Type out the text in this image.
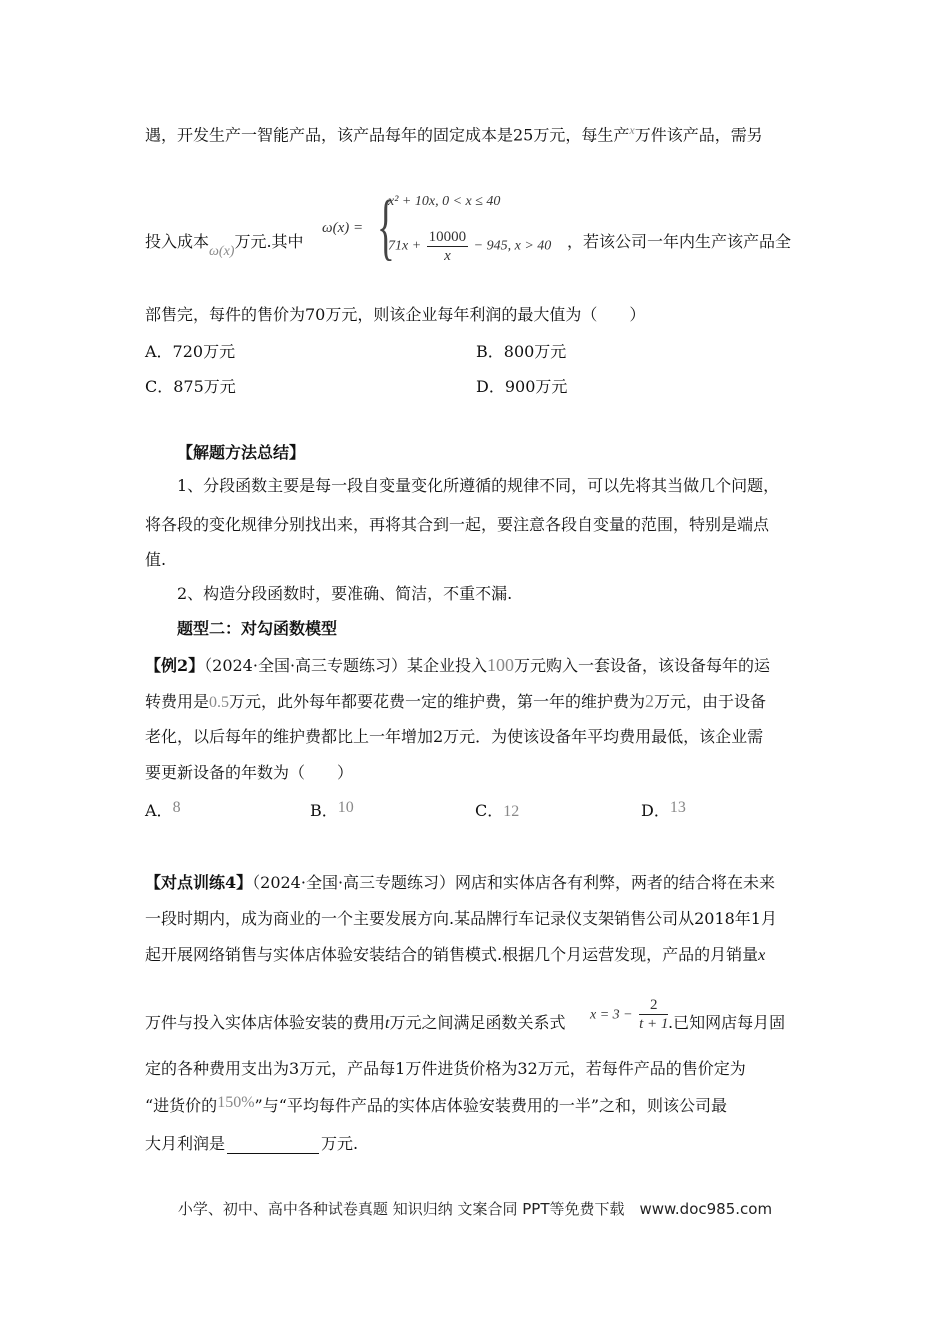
遇，开发生产一智能产品，该产品每年的固定成本是25万元，每生产$^x$万件该产品，需另
投入成本ω(x)万元.其中
ω(x) = {
x² + 10x, 0 < x ≤ 40
$71x + \frac{10000}{x} - 945$, x > 40 ，若该公司一年内生产该产品全
部售完，每件的售价为70万元，则该企业每年利润的最大值为（　　）
A．720万元	B．800万元
C．875万元	D．900万元
【解题方法总结】
1、分段函数主要是每一段自变量变化所遵循的规律不同，可以先将其当做几个问题，
将各段的变化规律分别找出来，再将其合到一起，要注意各段自变量的范围，特别是端点
值.
2、构造分段函数时，要准确、简洁，不重不漏.
题型二：对勾函数模型
【例2】（2024·全国·高三专题练习）某企业投入100万元购入一套设备，该设备每年的运
转费用是0.5万元，此外每年都要花费一定的维护费，第一年的维护费为2万元，由于设备
老化，以后每年的维护费都比上一年增加2万元．为使该设备年平均费用最低，该企业需
要更新设备的年数为（　　）
A．8	B．10	C．12	D．13
【对点训练4】（2024·全国·高三专题练习）网店和实体店各有利弊，两者的结合将在未来
一段时期内，成为商业的一个主要发展方向.某品牌行车记录仪支架销售公司从2018年1月
起开展网络销售与实体店体验安装结合的销售模式.根据几个月运营发现，产品的月销量x
万件与投入实体店体验安装的费用t万元之间满足函数关系式 $x = 3 - \frac{2}{t + 1}$ .已知网店每月固
定的各种费用支出为3万元，产品每1万件进货价格为32万元，若每件产品的售价定为
“进货价的150%”与“平均每件产品的实体店体验安装费用的一半”之和，则该公司最
大月利润是	万元.
小学、初中、高中各种试卷真题 知识归纳 文案合同 PPT等免费下载　www.doc985.com
